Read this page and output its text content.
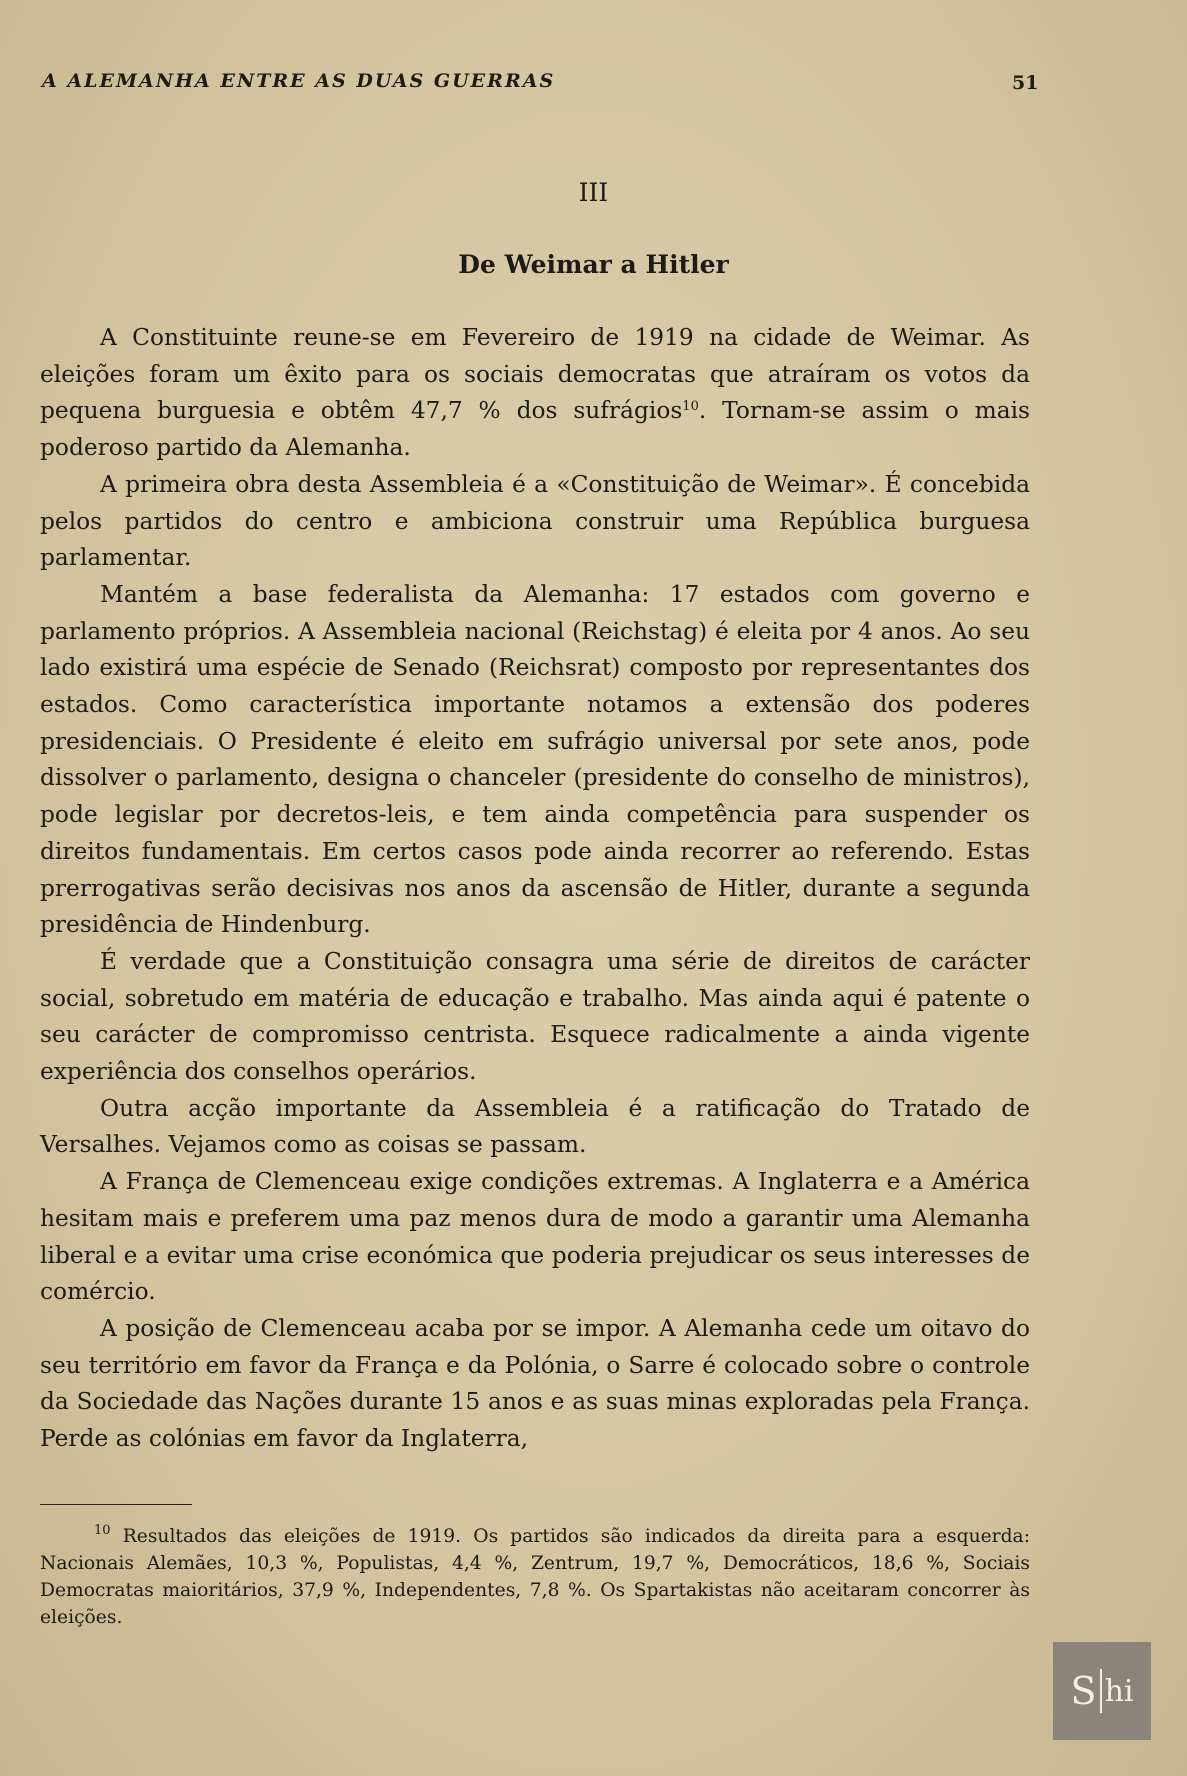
A ALEMANHA ENTRE AS DUAS GUERRAS	51
III
De Weimar a Hitler

A Constituinte reune-se em Fevereiro de 1919 na cidade de Weimar. As eleições foram um êxito para os sociais democratas que atraíram os votos da pequena burguesia e obtêm 47,7 % dos sufrágios$^{10}$. Tornam-se assim o mais poderoso partido da Alemanha.

A primeira obra desta Assembleia é a «Constituição de Weimar». É concebida pelos partidos do centro e ambiciona construir uma República burguesa parlamentar.

Mantém a base federalista da Alemanha: 17 estados com governo e parlamento próprios. A Assembleia nacional (Reichstag) é eleita por 4 anos. Ao seu lado existirá uma espécie de Senado (Reichsrat) composto por representantes dos estados. Como característica importante notamos a extensão dos poderes presidenciais. O Presidente é eleito em sufrágio universal por sete anos, pode dissolver o parlamento, designa o chanceler (presidente do conselho de ministros), pode legislar por decretos-leis, e tem ainda competência para suspender os direitos fundamentais. Em certos casos pode ainda recorrer ao referendo. Estas prerrogativas serão decisivas nos anos da ascensão de Hitler, durante a segunda presidência de Hindenburg.

É verdade que a Constituição consagra uma série de direitos de carácter social, sobretudo em matéria de educação e trabalho. Mas ainda aqui é patente o seu carácter de compromisso centrista. Esquece radicalmente a ainda vigente experiência dos conselhos operários.

Outra acção importante da Assembleia é a ratificação do Tratado de Versalhes. Vejamos como as coisas se passam.

A França de Clemenceau exige condições extremas. A Inglaterra e a América hesitam mais e preferem uma paz menos dura de modo a garantir uma Alemanha liberal e a evitar uma crise económica que poderia prejudicar os seus interesses de comércio.

A posição de Clemenceau acaba por se impor. A Alemanha cede um oitavo do seu território em favor da França e da Polónia, o Sarre é colocado sobre o controle da Sociedade das Nações durante 15 anos e as suas minas exploradas pela França. Perde as colónias em favor da Inglaterra,

$^{10}$ Resultados das eleições de 1919. Os partidos são indicados da direita para a esquerda: Nacionais Alemães, 10,3 %, Populistas, 4,4 %, Zentrum, 19,7 %, Democráticos, 18,6 %, Sociais Democratas maioritários, 37,9 %, Independentes, 7,8 %. Os Spartakistas não aceitaram concorrer às eleições.

S hi
